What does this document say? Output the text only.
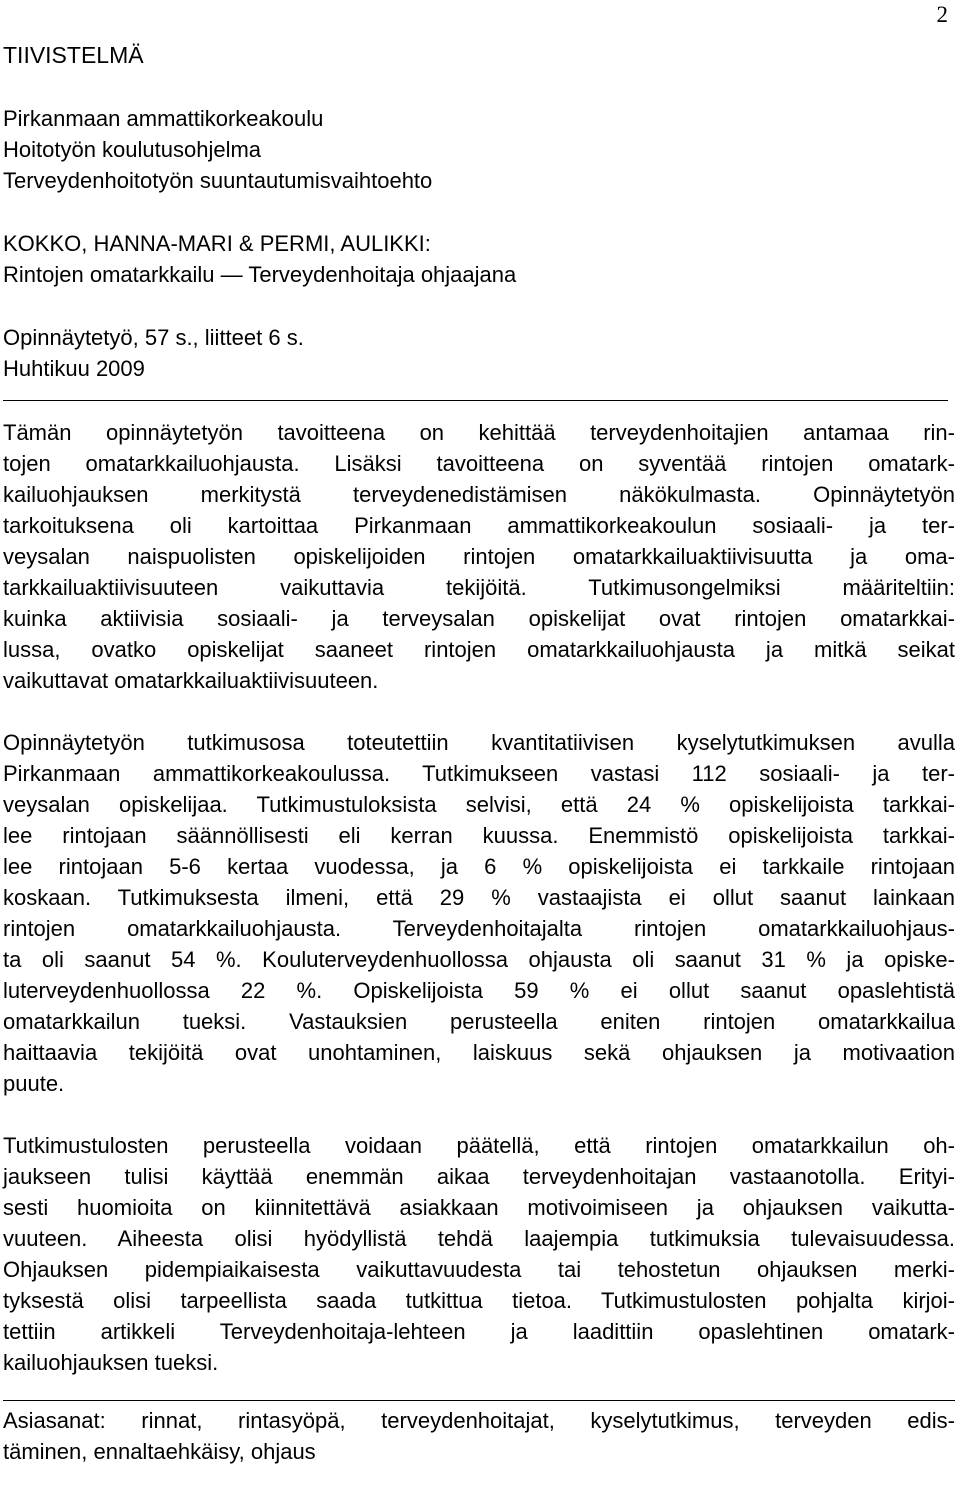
2
TIIVISTELMÄ
Pirkanmaan ammattikorkeakoulu
Hoitotyön koulutusohjelma
Terveydenhoitotyön suuntautumisvaihtoehto
KOKKO, HANNA-MARI & PERMI, AULIKKI:
Rintojen omatarkkailu — Terveydenhoitaja ohjaajana
Opinnäytetyö, 57 s., liitteet 6 s.
Huhtikuu 2009
Tämän opinnäytetyön tavoitteena on kehittää terveydenhoitajien antamaa rin-
tojen omatarkkailuohjausta. Lisäksi tavoitteena on syventää rintojen omatark-
kailuohjauksen merkitystä terveydenedistämisen näkökulmasta. Opinnäytetyön
tarkoituksena oli kartoittaa Pirkanmaan ammattikorkeakoulun sosiaali- ja ter-
veysalan naispuolisten opiskelijoiden rintojen omatarkkailuaktiivisuutta ja oma-
tarkkailuaktiivisuuteen vaikuttavia tekijöitä. Tutkimusongelmiksi määriteltiin:
kuinka aktiivisia sosiaali- ja terveysalan opiskelijat ovat rintojen omatarkkai-
lussa, ovatko opiskelijat saaneet rintojen omatarkkailuohjausta ja mitkä seikat
vaikuttavat omatarkkailuaktiivisuuteen.
Opinnäytetyön tutkimusosa toteutettiin kvantitatiivisen kyselytutkimuksen avulla
Pirkanmaan ammattikorkeakoulussa. Tutkimukseen vastasi 112 sosiaali- ja ter-
veysalan opiskelijaa. Tutkimustuloksista selvisi, että 24 % opiskelijoista tarkkai-
lee rintojaan säännöllisesti eli kerran kuussa. Enemmistö opiskelijoista tarkkai-
lee rintojaan 5-6 kertaa vuodessa, ja 6 % opiskelijoista ei tarkkaile rintojaan
koskaan. Tutkimuksesta ilmeni, että 29 % vastaajista ei ollut saanut lainkaan
rintojen omatarkkailuohjausta. Terveydenhoitajalta rintojen omatarkkailuohjaus-
ta oli saanut 54 %. Kouluterveydenhuollossa ohjausta oli saanut 31 % ja opiske-
luterveydenhuollossa 22 %. Opiskelijoista 59 % ei ollut saanut opaslehtistä
omatarkkailun tueksi. Vastauksien perusteella eniten rintojen omatarkkailua
haittaavia tekijöitä ovat unohtaminen, laiskuus sekä ohjauksen ja motivaation
puute.
Tutkimustulosten perusteella voidaan päätellä, että rintojen omatarkkailun oh-
jaukseen tulisi käyttää enemmän aikaa terveydenhoitajan vastaanotolla. Erityi-
sesti huomioita on kiinnitettävä asiakkaan motivoimiseen ja ohjauksen vaikutta-
vuuteen. Aiheesta olisi hyödyllistä tehdä laajempia tutkimuksia tulevaisuudessa.
Ohjauksen pidempiaikaisesta vaikuttavuudesta tai tehostetun ohjauksen merki-
tyksestä olisi tarpeellista saada tutkittua tietoa. Tutkimustulosten pohjalta kirjoi-
tettiin artikkeli Terveydenhoitaja-lehteen ja laadittiin opaslehtinen omatark-
kailuohjauksen tueksi.
Asiasanat: rinnat, rintasyöpä, terveydenhoitajat, kyselytutkimus, terveyden edis-
täminen, ennaltaehkäisy, ohjaus
